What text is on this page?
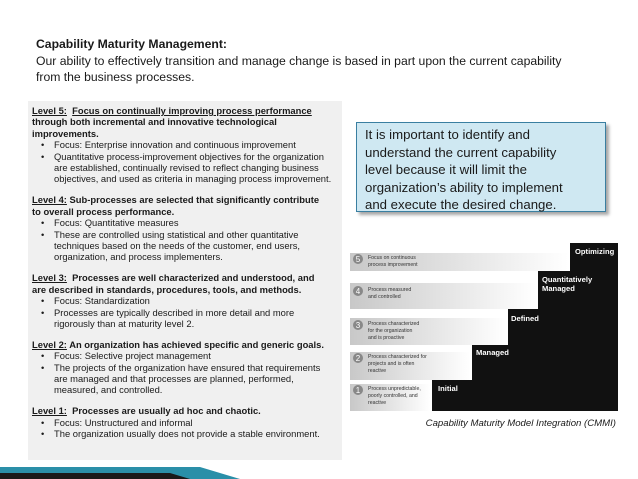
Capability Maturity Management:
Our ability to effectively transition and manage change is based in part upon the current capability
from the business processes.
Level 5: Focus on continually improving process performance
through both incremental and innovative technological
improvements.
• Focus: Enterprise innovation and continuous improvement
• Quantitative process-improvement objectives for the organization
are established, continually revised to reflect changing business
objectives, and used as criteria in managing process improvement.
Level 4: Sub-processes are selected that significantly contribute
to overall process performance.
• Focus: Quantitative measures
• These are controlled using statistical and other quantitative
techniques based on the needs of the customer, end users,
organization, and process implementers.
Level 3: Processes are well characterized and understood, and
are described in standards, procedures, tools, and methods.
• Focus: Standardization
• Processes are typically described in more detail and more
rigorously than at maturity level 2.
Level 2: An organization has achieved specific and generic goals.
• Focus: Selective project management
• The projects of the organization have ensured that requirements
are managed and that processes are planned, performed,
measured, and controlled.
Level 1: Processes are usually ad hoc and chaotic.
• Focus: Unstructured and informal
• The organization usually does not provide a stable environment.
It is important to identify and
understand the current capability
level because it will limit the
organization’s ability to implement
and execute the desired change.
5
4
3
2
1
Focus on continuous
process improvement
Process measured
and controlled
Process characterized
for the organization
and is proactive
Process characterized for
projects and is often
reactive
Process unpredictable,
poorly controlled, and
reactive
Optimizing
Quantitatively
Managed
Defined
Managed
Initial
Capability Maturity Model Integration (CMMI)
